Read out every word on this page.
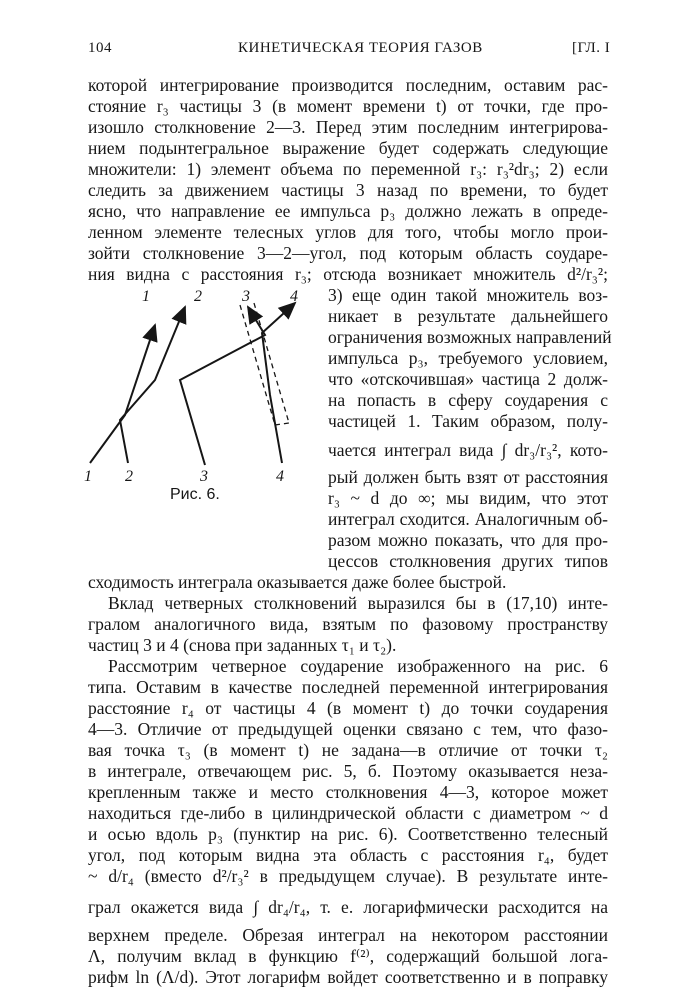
104	КИНЕТИЧЕСКАЯ ТЕОРИЯ ГАЗОВ	[ГЛ. I
которой интегрирование производится последним, оставим рас-
стояние r₃ частицы 3 (в момент времени t) от точки, где про-
изошло столкновение 2—3. Перед этим последним интегрирова-
нием подынтегральное выражение будет содержать следующие
множители: 1) элемент объема по переменной r₃: r₃²dr₃; 2) если
следить за движением частицы 3 назад по времени, то будет
ясно, что направление ее импульса p₃ должно лежать в опреде-
ленном элементе телесных углов для того, чтобы могло прои-
зойти столкновение 3—2—угол, под которым область соударе-
ния видна с расстояния r₃; отсюда возникает множитель d²/r₃²;
3) еще один такой множитель воз-
никает в результате дальнейшего
ограничения возможных направлений
импульса p₃, требуемого условием,
что «отскочившая» частица 2 долж-
на попасть в сферу соударения с
частицей 1. Таким образом, полу-
чается интеграл вида ∫ dr₃/r₃², кото-
рый должен быть взят от расстояния
r₃ ~ d до ∞; мы видим, что этот
интеграл сходится. Аналогичным об-
разом можно показать, что для про-
цессов столкновения других типов
сходимость интеграла оказывается даже более быстрой.
Вклад четверных столкновений выразился бы в (17,10) инте-
гралом аналогичного вида, взятым по фазовому пространству
частиц 3 и 4 (снова при заданных τ₁ и τ₂).
Рассмотрим четверное соударение изображенного на рис. 6
типа. Оставим в качестве последней переменной интегрирования
расстояние r₄ от частицы 4 (в момент t) до точки соударения
4—3. Отличие от предыдущей оценки связано с тем, что фазо-
вая точка τ₃ (в момент t) не задана—в отличие от точки τ₂
в интеграле, отвечающем рис. 5, б. Поэтому оказывается неза-
крепленным также и место столкновения 4—3, которое может
находиться где-либо в цилиндрической области с диаметром ~ d
и осью вдоль p₃ (пунктир на рис. 6). Соответственно телесный
угол, под которым видна эта область с расстояния r₄, будет
~ d/r₄ (вместо d²/r₃² в предыдущем случае). В результате инте-
грал окажется вида ∫ dr₄/r₄, т. е. логарифмически расходится на
верхнем пределе. Обрезая интеграл на некотором расстоянии
Λ, получим вклад в функцию f⁽²⁾, содержащий большой лога-
рифм ln (Λ/d). Этот логарифм войдет соответственно и в поправку
1	2	3	4
1 2	3	4
Рис. 6.
